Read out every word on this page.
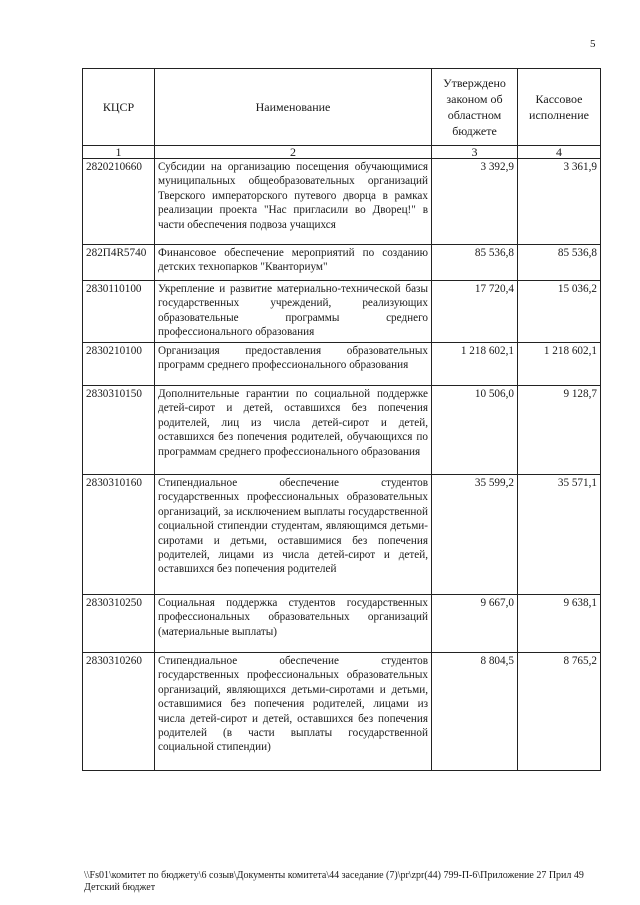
5
КЦСР	Наименование	Утверждено законом об областном бюджете	Кассовое исполнение
1	2	3	4
2820210660	Субсидии на организацию посещения обучающимися муниципальных общеобразовательных организаций Тверского императорского путевого дворца в рамках реализации проекта "Нас пригласили во Дворец!" в части обеспечения подвоза учащихся	3 392,9	3 361,9
282П4R5740	Финансовое обеспечение мероприятий по созданию детских технопарков "Кванториум"	85 536,8	85 536,8
2830110100	Укрепление и развитие материально-технической базы государственных учреждений, реализующих образовательные программы среднего профессионального образования	17 720,4	15 036,2
2830210100	Организация предоставления образовательных программ среднего профессионального образования	1 218 602,1	1 218 602,1
2830310150	Дополнительные гарантии по социальной поддержке детей-сирот и детей, оставшихся без попечения родителей, лиц из числа детей-сирот и детей, оставшихся без попечения родителей, обучающихся по программам среднего профессионального образования	10 506,0	9 128,7
2830310160	Стипендиальное обеспечение студентов государственных профессиональных образовательных организаций, за исключением выплаты государственной социальной стипендии студентам, являющимся детьми-сиротами и детьми, оставшимися без попечения родителей, лицами из числа детей-сирот и детей, оставшихся без попечения родителей	35 599,2	35 571,1
2830310250	Социальная поддержка студентов государственных профессиональных образовательных организаций (материальные выплаты)	9 667,0	9 638,1
2830310260	Стипендиальное обеспечение студентов государственных профессиональных образовательных организаций, являющихся детьми-сиротами и детьми, оставшимися без попечения родителей, лицами из числа детей-сирот и детей, оставшихся без попечения родителей (в части выплаты государственной социальной стипендии)	8 804,5	8 765,2
\\Fs01\комитет по бюджету\6 созыв\Документы комитета\44 заседание (7)\pr\zpr(44) 799-П-6\Приложение 27 Прил 49 Детский бюджет
